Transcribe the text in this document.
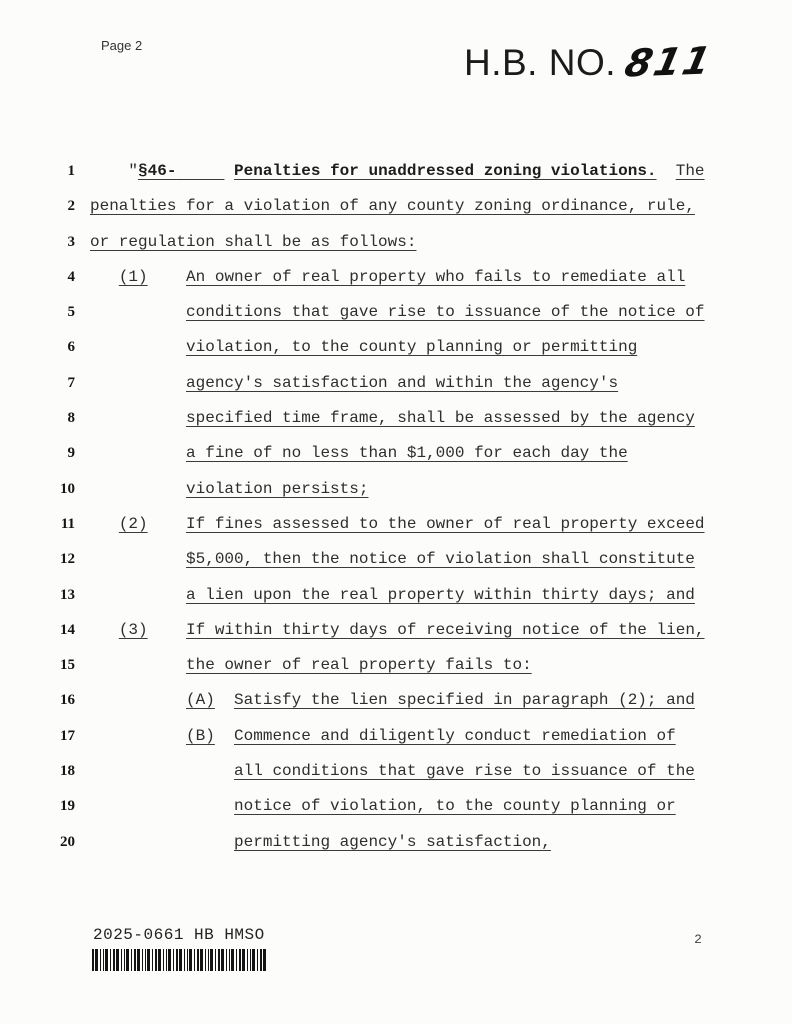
Page 2	H.B. NO. 811
1 "§46-	Penalties for unaddressed zoning violations. The
2 penalties for a violation of any county zoning ordinance, rule,
3 or regulation shall be as follows:
4	(1) An owner of real property who fails to remediate all
5	conditions that gave rise to issuance of the notice of
6	violation, to the county planning or permitting
7	agency's satisfaction and within the agency's
8	specified time frame, shall be assessed by the agency
9	a fine of no less than $1,000 for each day the
10	violation persists;
11	(2) If fines assessed to the owner of real property exceed
12	$5,000, then the notice of violation shall constitute
13	a lien upon the real property within thirty days; and
14	(3) If within thirty days of receiving notice of the lien,
15	the owner of real property fails to:
16	(A) Satisfy the lien specified in paragraph (2); and
17	(B) Commence and diligently conduct remediation of
18	all conditions that gave rise to issuance of the
19	notice of violation, to the county planning or
20	permitting agency's satisfaction,
2025-0661 HB HMSO	2
